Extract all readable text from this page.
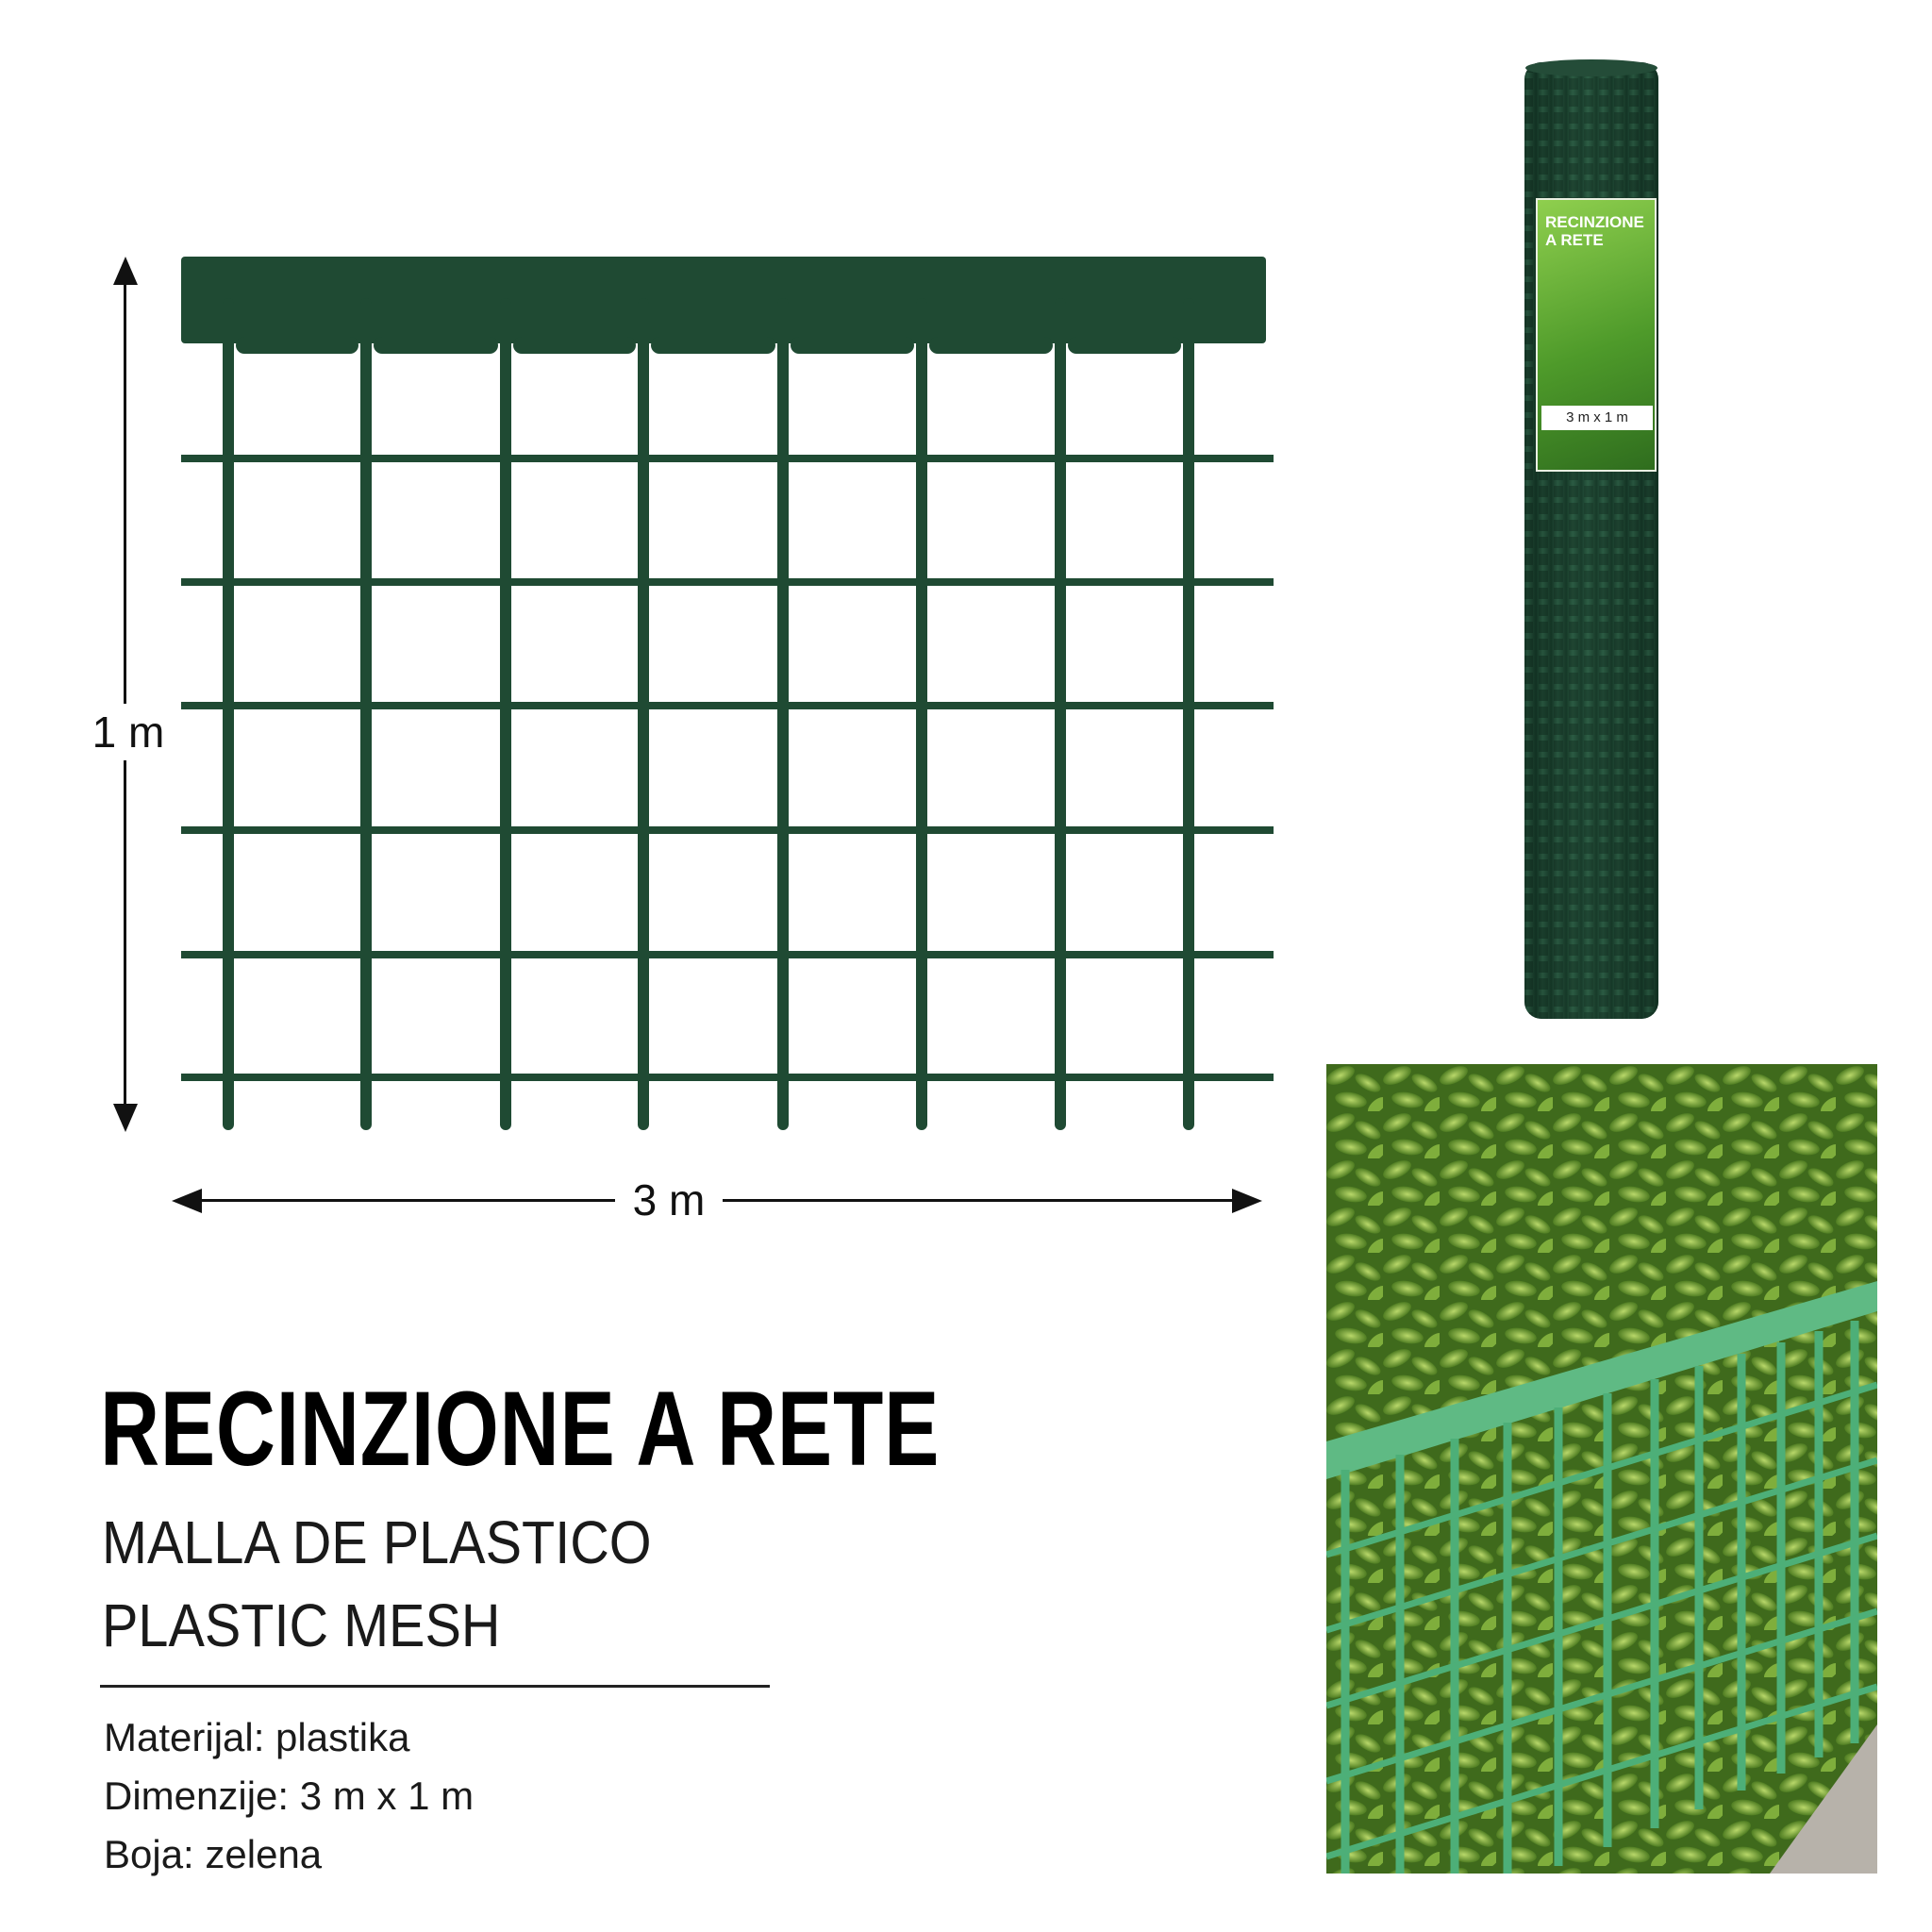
1 m
3 m
RECINZIONE A RETE
3 m x 1 m
RECINZIONE A RETE
MALLA DE PLASTICO
PLASTIC MESH
Materijal: plastika
Dimenzije: 3 m x 1 m
Boja: zelena
